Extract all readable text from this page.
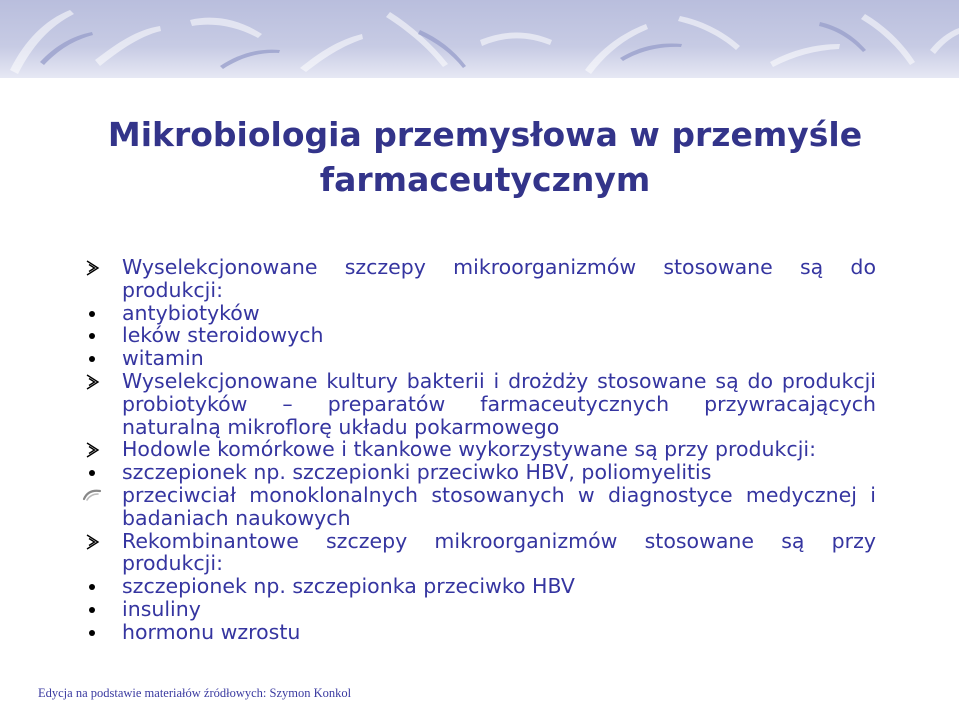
Mikrobiologia przemysłowa w przemyśle
farmaceutycznym
Wyselekcjonowane szczepy mikroorganizmów stosowane są do
produkcji:
antybiotyków
leków steroidowych
witamin
Wyselekcjonowane kultury bakterii i drożdży stosowane są do produkcji
probiotyków – preparatów farmaceutycznych przywracających
naturalną mikroflorę układu pokarmowego
Hodowle komórkowe i tkankowe wykorzystywane są przy produkcji:
szczepionek np. szczepionki przeciwko HBV, poliomyelitis
przeciwciał monoklonalnych stosowanych w diagnostyce medycznej i
badaniach naukowych
Rekombinantowe szczepy mikroorganizmów stosowane są przy
produkcji:
szczepionek np. szczepionka przeciwko HBV
insuliny
hormonu wzrostu
Edycja na podstawie materiałów źródłowych: Szymon Konkol
